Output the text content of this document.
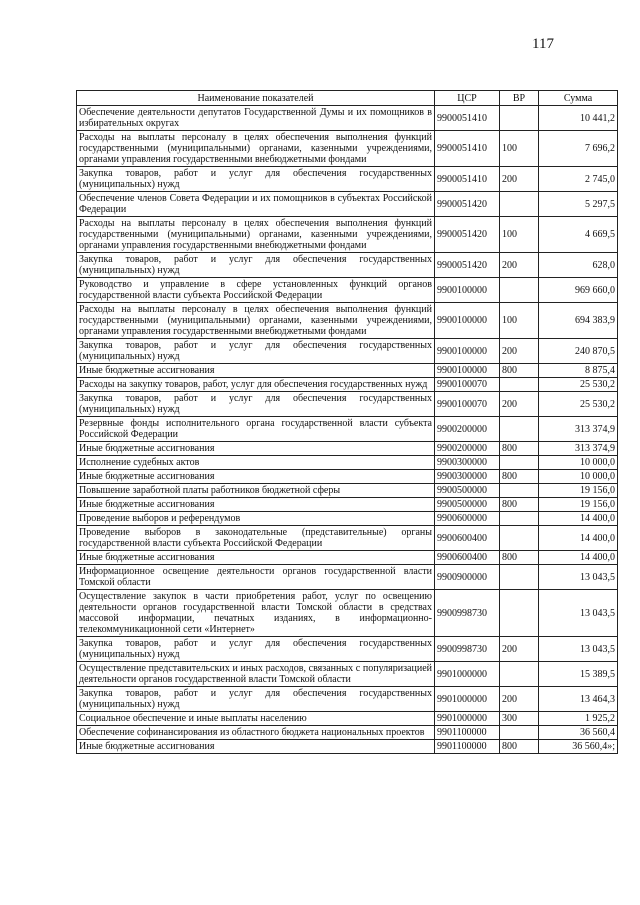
117
Наименование показателей	ЦСР	ВР	Сумма
Обеспечение деятельности депутатов Государственной Думы и их помощников в избирательных округах	9900051410		10 441,2
Расходы на выплаты персоналу в целях обеспечения выполнения функций государственными (муниципальными) органами, казенными учреждениями, органами управления государственными внебюджетными фондами	9900051410	100	7 696,2
Закупка товаров, работ и услуг для обеспечения государственных (муниципальных) нужд	9900051410	200	2 745,0
Обеспечение членов Совета Федерации и их помощников в субъектах Российской Федерации	9900051420		5 297,5
Расходы на выплаты персоналу в целях обеспечения выполнения функций государственными (муниципальными) органами, казенными учреждениями, органами управления государственными внебюджетными фондами	9900051420	100	4 669,5
Закупка товаров, работ и услуг для обеспечения государственных (муниципальных) нужд	9900051420	200	628,0
Руководство и управление в сфере установленных функций органов государственной власти субъекта Российской Федерации	9900100000		969 660,0
Расходы на выплаты персоналу в целях обеспечения выполнения функций государственными (муниципальными) органами, казенными учреждениями, органами управления государственными внебюджетными фондами	9900100000	100	694 383,9
Закупка товаров, работ и услуг для обеспечения государственных (муниципальных) нужд	9900100000	200	240 870,5
Иные бюджетные ассигнования	9900100000	800	8 875,4
Расходы на закупку товаров, работ, услуг для обеспечения государственных нужд	9900100070		25 530,2
Закупка товаров, работ и услуг для обеспечения государственных (муниципальных) нужд	9900100070	200	25 530,2
Резервные фонды исполнительного органа государственной власти субъекта Российской Федерации	9900200000		313 374,9
Иные бюджетные ассигнования	9900200000	800	313 374,9
Исполнение судебных актов	9900300000		10 000,0
Иные бюджетные ассигнования	9900300000	800	10 000,0
Повышение заработной платы работников бюджетной сферы	9900500000		19 156,0
Иные бюджетные ассигнования	9900500000	800	19 156,0
Проведение выборов и референдумов	9900600000		14 400,0
Проведение выборов в законодательные (представительные) органы государственной власти субъекта Российской Федерации	9900600400		14 400,0
Иные бюджетные ассигнования	9900600400	800	14 400,0
Информационное освещение деятельности органов государственной власти Томской области	9900900000		13 043,5
Осуществление закупок в части приобретения работ, услуг по освещению деятельности органов государственной власти Томской области в средствах массовой информации, печатных изданиях, в информационно-телекоммуникационной сети «Интернет»	9900998730		13 043,5
Закупка товаров, работ и услуг для обеспечения государственных (муниципальных) нужд	9900998730	200	13 043,5
Осуществление представительских и иных расходов, связанных с популяризацией деятельности органов государственной власти Томской области	9901000000		15 389,5
Закупка товаров, работ и услуг для обеспечения государственных (муниципальных) нужд	9901000000	200	13 464,3
Социальное обеспечение и иные выплаты населению	9901000000	300	1 925,2
Обеспечение софинансирования из областного бюджета национальных проектов	9901100000		36 560,4
Иные бюджетные ассигнования	9901100000	800	36 560,4»;
